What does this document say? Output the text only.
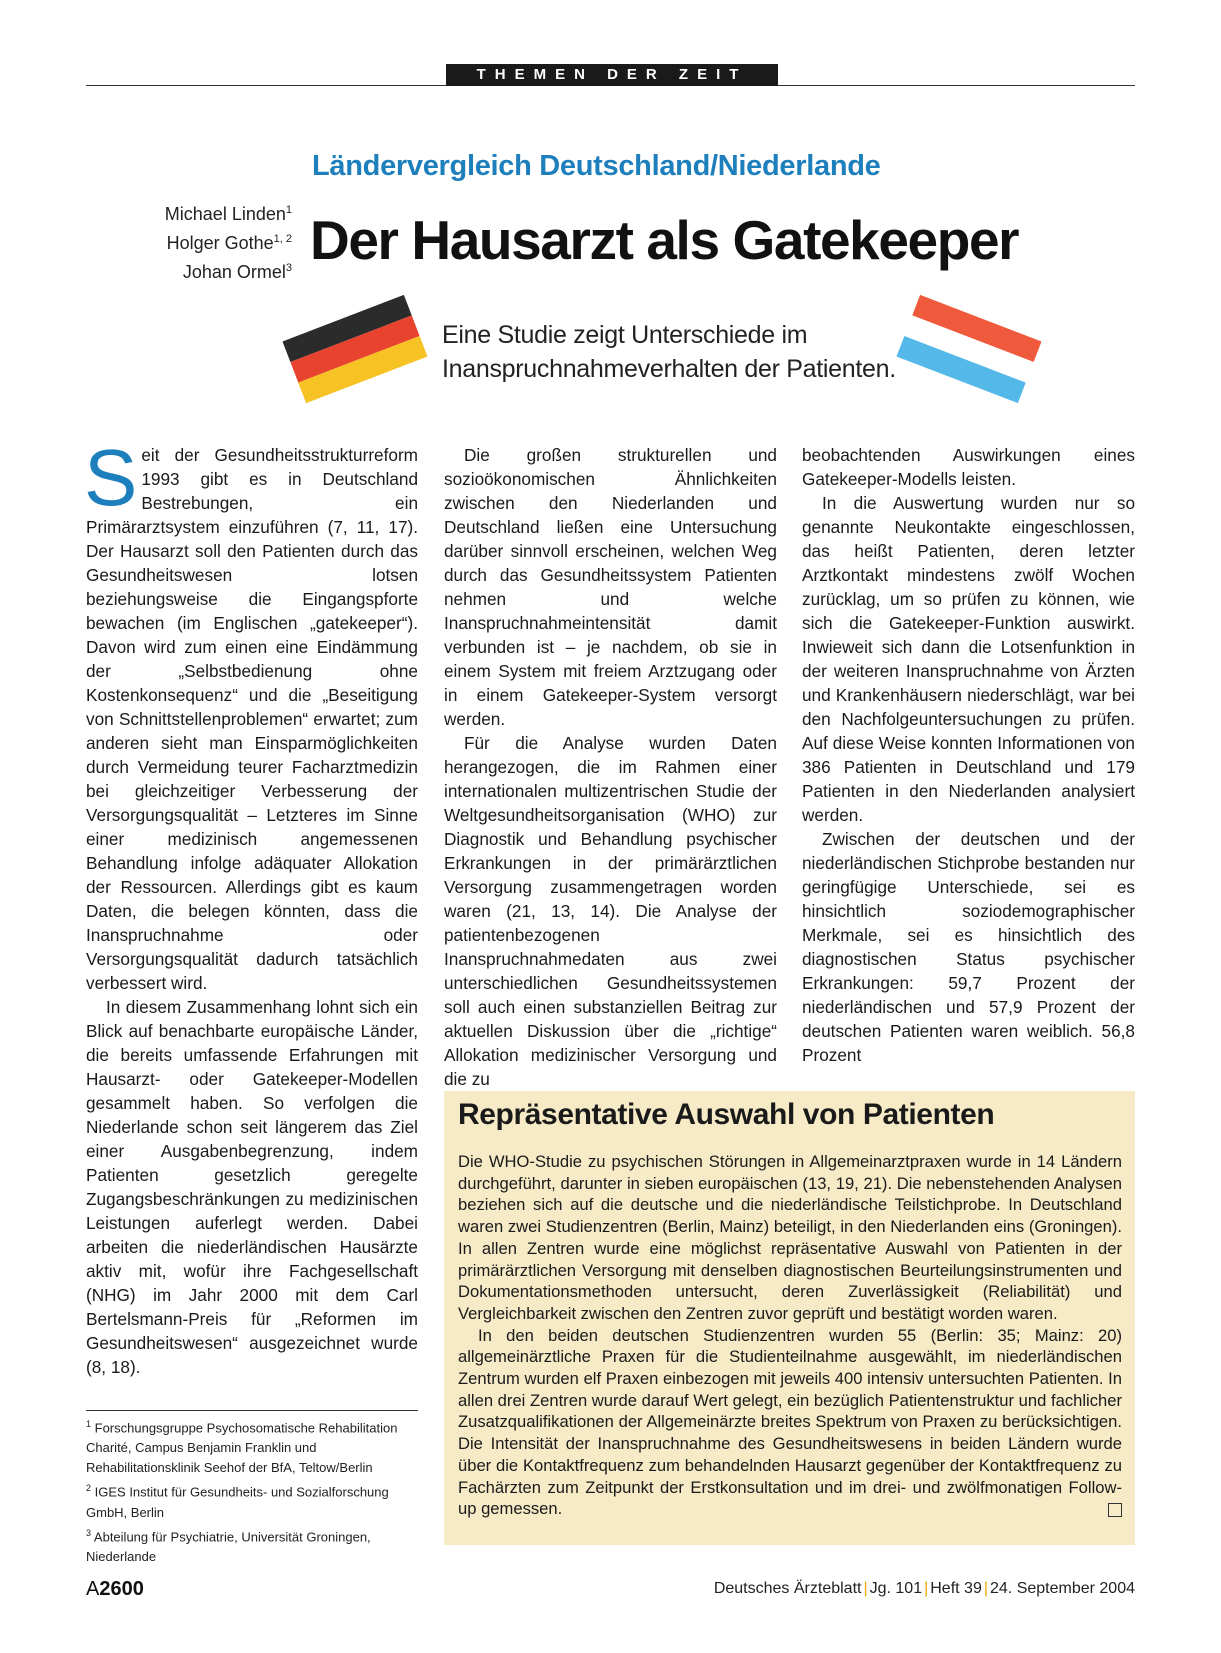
THEMEN DER ZEIT
Ländervergleich Deutschland/Niederlande
Michael Linden$^1$
Holger Gothe$^{1, 2}$
Johan Ormel$^3$ Der Hausarzt als Gatekeeper
Eine Studie zeigt Unterschiede im
Inanspruchnahmeverhalten der Patienten.

Seit der Gesundheitsstrukturreform 1993 gibt es in Deutschland Bestrebungen, ein Primärarztsystem einzuführen (7, 11, 17). Der Hausarzt soll den Patienten durch das Gesundheitswesen lotsen beziehungsweise die Eingangspforte bewachen (im Englischen „gatekeeper“). Davon wird zum einen eine Eindämmung der „Selbstbedienung ohne Kostenkonsequenz“ und die „Beseitigung von Schnittstellenproblemen“ erwartet; zum anderen sieht man Einsparmöglichkeiten durch Vermeidung teurer Facharztmedizin bei gleichzeitiger Verbesserung der Versorgungsqualität – Letzteres im Sinne einer medizinisch angemessenen Behandlung infolge adäquater Allokation der Ressourcen. Allerdings gibt es kaum Daten, die belegen könnten, dass die Inanspruchnahme oder Versorgungsqualität dadurch tatsächlich verbessert wird.

In diesem Zusammenhang lohnt sich ein Blick auf benachbarte europäische Länder, die bereits umfassende Erfahrungen mit Hausarzt- oder Gatekeeper-Modellen gesammelt haben. So verfolgen die Niederlande schon seit längerem das Ziel einer Ausgabenbegrenzung, indem Patienten gesetzlich geregelte Zugangsbeschränkungen zu medizinischen Leistungen auferlegt werden. Dabei arbeiten die niederländischen Hausärzte aktiv mit, wofür ihre Fachgesellschaft (NHG) im Jahr 2000 mit dem Carl Bertelsmann-Preis für „Reformen im Gesundheitswesen“ ausgezeichnet wurde (8, 18).

$^1$ Forschungsgruppe Psychosomatische Rehabilitation Charité, Campus Benjamin Franklin und Rehabilitationsklinik Seehof der BfA, Teltow/Berlin

$^2$ IGES Institut für Gesundheits- und Sozialforschung GmbH, Berlin

$^3$ Abteilung für Psychiatrie, Universität Groningen, Niederlande

Die großen strukturellen und sozioökonomischen Ähnlichkeiten zwischen den Niederlanden und Deutschland ließen eine Untersuchung darüber sinnvoll erscheinen, welchen Weg durch das Gesundheitssystem Patienten nehmen und welche Inanspruchnahmeintensität damit verbunden ist – je nachdem, ob sie in einem System mit freiem Arztzugang oder in einem Gatekeeper-System versorgt werden.

Für die Analyse wurden Daten herangezogen, die im Rahmen einer internationalen multizentrischen Studie der Weltgesundheitsorganisation (WHO) zur Diagnostik und Behandlung psychischer Erkrankungen in der primärärztlichen Versorgung zusammengetragen worden waren (21, 13, 14). Die Analyse der patientenbezogenen Inanspruchnahmedaten aus zwei unterschiedlichen Gesundheitssystemen soll auch einen substanziellen Beitrag zur aktuellen Diskussion über die „richtige“ Allokation medizinischer Versorgung und die zu

beobachtenden Auswirkungen eines Gatekeeper-Modells leisten.

In die Auswertung wurden nur so genannte Neukontakte eingeschlossen, das heißt Patienten, deren letzter Arztkontakt mindestens zwölf Wochen zurücklag, um so prüfen zu können, wie sich die Gatekeeper-Funktion auswirkt. Inwieweit sich dann die Lotsenfunktion in der weiteren Inanspruchnahme von Ärzten und Krankenhäusern niederschlägt, war bei den Nachfolgeuntersuchungen zu prüfen. Auf diese Weise konnten Informationen von 386 Patienten in Deutschland und 179 Patienten in den Niederlanden analysiert werden.

Zwischen der deutschen und der niederländischen Stichprobe bestanden nur geringfügige Unterschiede, sei es hinsichtlich soziodemographischer Merkmale, sei es hinsichtlich des diagnostischen Status psychischer Erkrankungen: 59,7 Prozent der niederländischen und 57,9 Prozent der deutschen Patienten waren weiblich. 56,8 Prozent

Repräsentative Auswahl von Patienten

Die WHO-Studie zu psychischen Störungen in Allgemeinarztpraxen wurde in 14 Ländern durchgeführt, darunter in sieben europäischen (13, 19, 21). Die nebenstehenden Analysen beziehen sich auf die deutsche und die niederländische Teilstichprobe. In Deutschland waren zwei Studienzentren (Berlin, Mainz) beteiligt, in den Niederlanden eins (Groningen). In allen Zentren wurde eine möglichst repräsentative Auswahl von Patienten in der primärärztlichen Versorgung mit denselben diagnostischen Beurteilungsinstrumenten und Dokumentationsmethoden untersucht, deren Zuverlässigkeit (Reliabilität) und Vergleichbarkeit zwischen den Zentren zuvor geprüft und bestätigt worden waren.

In den beiden deutschen Studienzentren wurden 55 (Berlin: 35; Mainz: 20) allgemeinärztliche Praxen für die Studienteilnahme ausgewählt, im niederländischen Zentrum wurden elf Praxen einbezogen mit jeweils 400 intensiv untersuchten Patienten. In allen drei Zentren wurde darauf Wert gelegt, ein bezüglich Patientenstruktur und fachlicher Zusatzqualifikationen der Allgemeinärzte breites Spektrum von Praxen zu berücksichtigen. Die Intensität der Inanspruchnahme des Gesundheitswesens in beiden Ländern wurde über die Kontaktfrequenz zum behandelnden Hausarzt gegenüber der Kontaktfrequenz zu Fachärzten zum Zeitpunkt der Erstkonsultation und im drei- und zwölfmonatigen Follow-up gemessen.

A2600	Deutsches Ärzteblatt | Jg. 101 | Heft 39 | 24. September 2004
